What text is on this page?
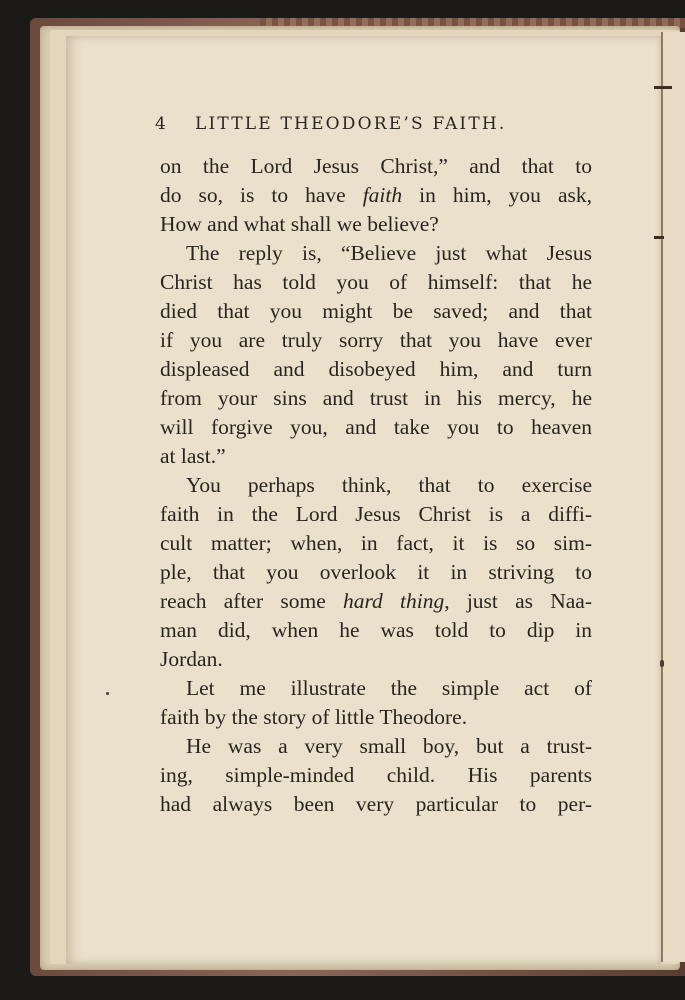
4 LITTLE THEODORE’S FAITH.
on the Lord Jesus Christ,” and that to
do so, is to have faith in him, you ask,
How and what shall we believe?
The reply is, “Believe just what Jesus
Christ has told you of himself: that he
died that you might be saved; and that
if you are truly sorry that you have ever
displeased and disobeyed him, and turn
from your sins and trust in his mercy, he
will forgive you, and take you to heaven
at last.”
You perhaps think, that to exercise
faith in the Lord Jesus Christ is a diffi-
cult matter; when, in fact, it is so sim-
ple, that you overlook it in striving to
reach after some hard thing, just as Naa-
man did, when he was told to dip in
Jordan.
Let me illustrate the simple act of
faith by the story of little Theodore.
He was a very small boy, but a trust-
ing, simple-minded child. His parents
had always been very particular to per-
